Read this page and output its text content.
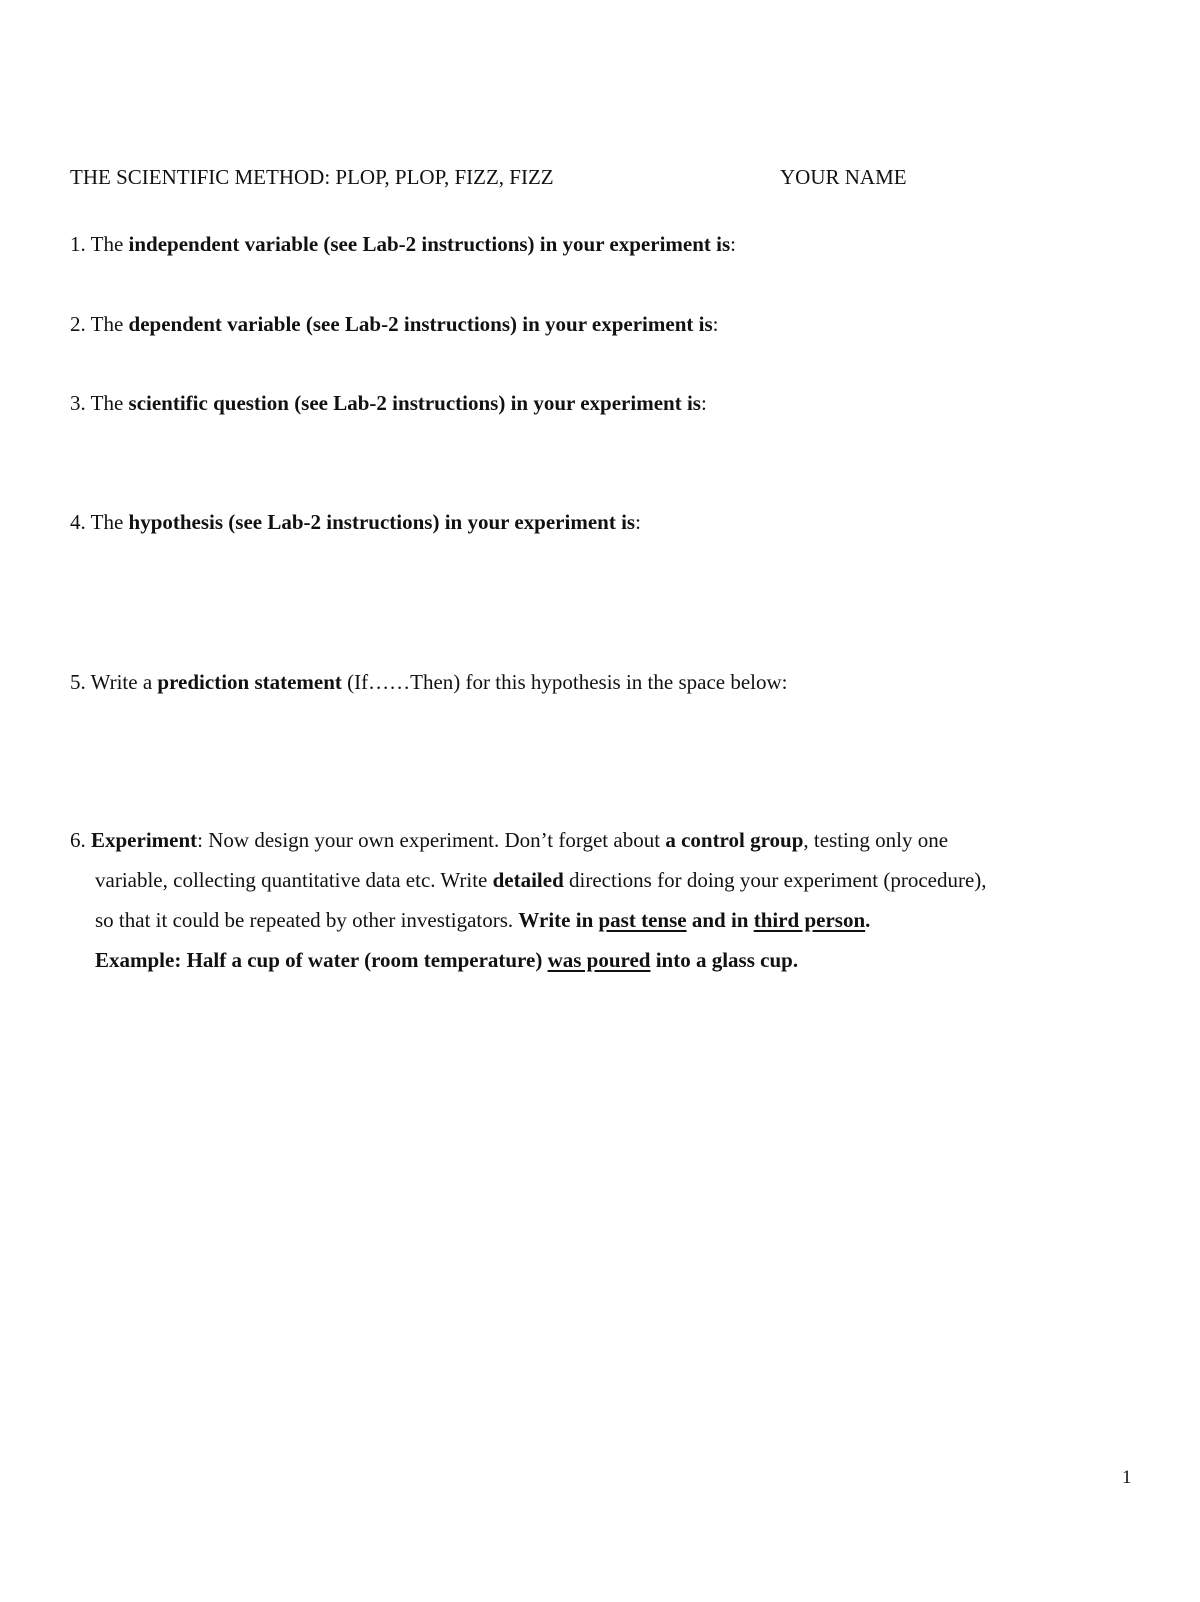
THE SCIENTIFIC METHOD: PLOP, PLOP, FIZZ, FIZZ	YOUR NAME
1. The independent variable (see Lab-2 instructions) in your experiment is:
2. The dependent variable (see Lab-2 instructions) in your experiment is:
3. The scientific question (see Lab-2 instructions) in your experiment is:
4. The hypothesis (see Lab-2 instructions) in your experiment is:
5. Write a prediction statement (If……Then) for this hypothesis in the space below:
6. Experiment: Now design your own experiment. Don’t forget about a control group, testing only one
variable, collecting quantitative data etc. Write detailed directions for doing your experiment (procedure),
so that it could be repeated by other investigators. Write in past tense and in third person.
Example: Half a cup of water (room temperature) was poured into a glass cup.
1
